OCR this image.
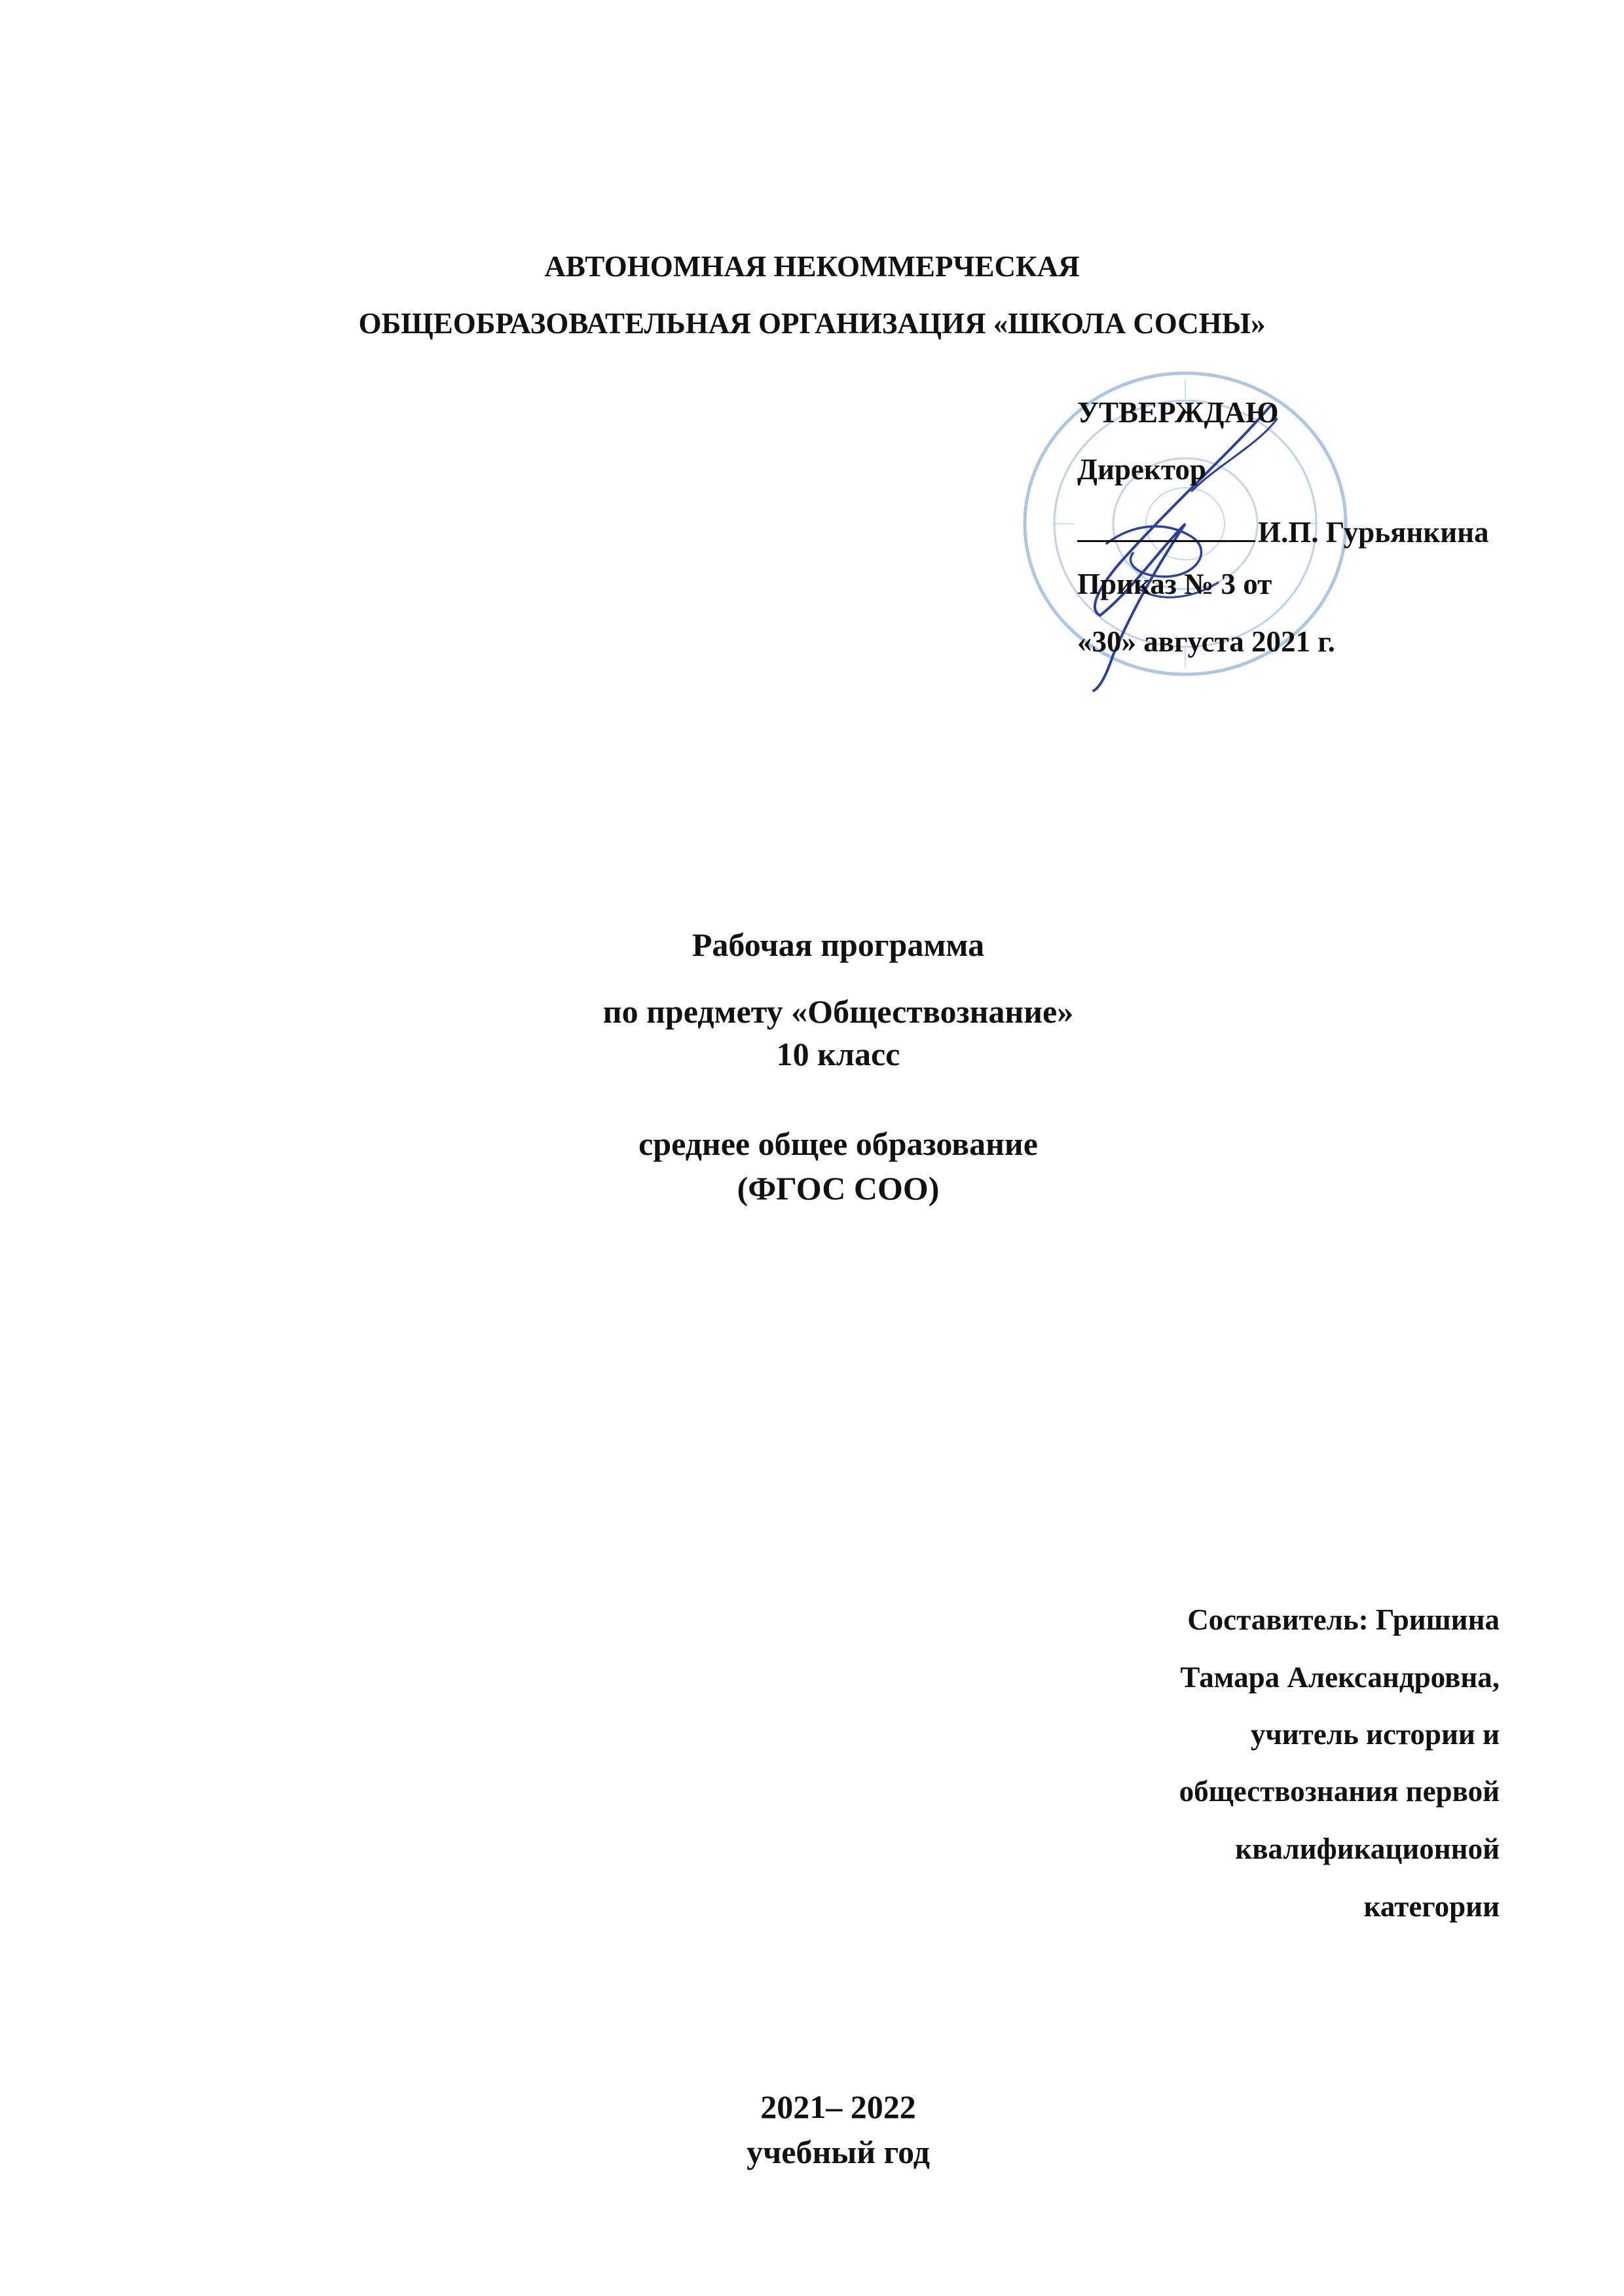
АВТОНОМНАЯ НЕКОММЕРЧЕСКАЯ
ОБЩЕОБРАЗОВАТЕЛЬНАЯ ОРГАНИЗАЦИЯ «ШКОЛА СОСНЫ»
УТВЕРЖДАЮ
Директор
И.П. Гурьянкина
Приказ № 3 от
«30» августа 2021 г.
Рабочая программа
по предмету «Обществознание»
10 класс
среднее общее образование
(ФГОС СОО)
Составитель: Гришина
Тамара Александровна,
учитель истории и
обществознания первой
квалификационной
категории
2021– 2022
учебный год
